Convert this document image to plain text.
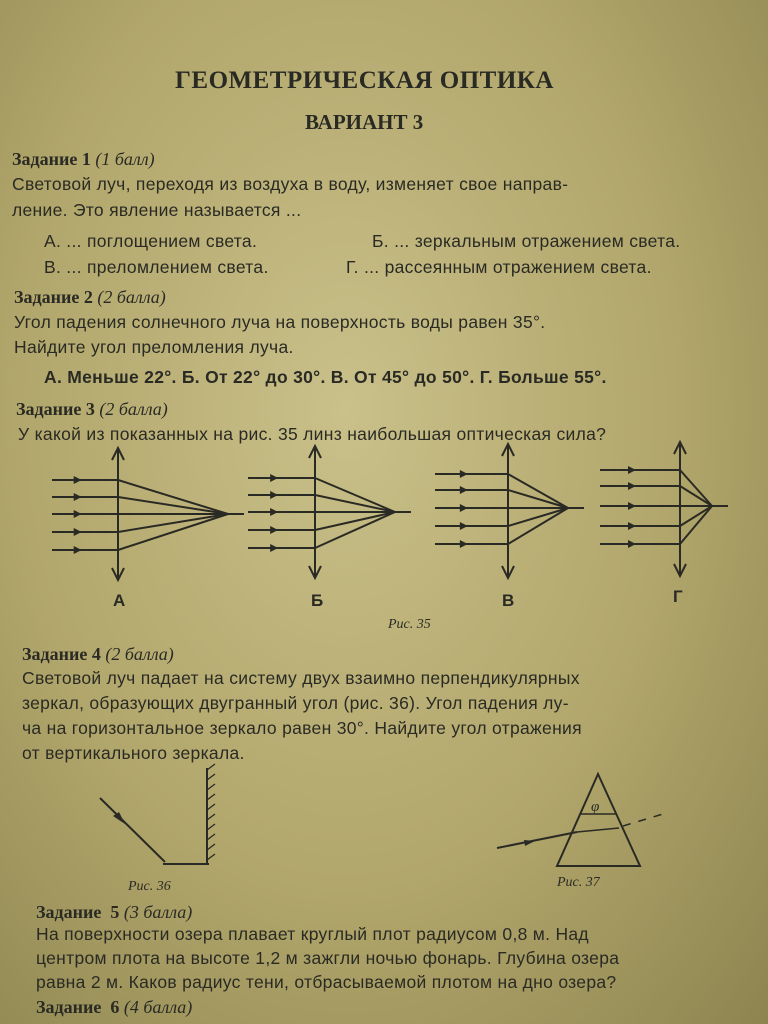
ГЕОМЕТРИЧЕСКАЯ ОПТИКА
ВАРИАНТ 3
Задание 1 (1 балл)
Световой луч, переходя из воздуха в воду, изменяет свое направ-
ление. Это явление называется ...
А. ... поглощением света.	Б. ... зеркальным отражением света.
В. ... преломлением света.	Г. ... рассеянным отражением света.
Задание 2 (2 балла)
Угол падения солнечного луча на поверхность воды равен 35°.
Найдите угол преломления луча.
А. Меньше 22°. Б. От 22° до 30°. В. От 45° до 50°. Г. Больше 55°.
Задание 3 (2 балла)
У какой из показанных на рис. 35 линз наибольшая оптическая сила?
А	Б	В	Г
Рис. 35
Задание 4 (2 балла)
Световой луч падает на систему двух взаимно перпендикулярных
зеркал, образующих двугранный угол (рис. 36). Угол падения лу-
ча на горизонтальное зеркало равен 30°. Найдите угол отражения
от вертикального зеркала.
Рис. 36
φ
Рис. 37
Задание 5 (3 балла)
На поверхности озера плавает круглый плот радиусом 0,8 м. Над
центром плота на высоте 1,2 м зажгли ночью фонарь. Глубина озера
равна 2 м. Каков радиус тени, отбрасываемой плотом на дно озера?
Задание 6 (4 балла)
